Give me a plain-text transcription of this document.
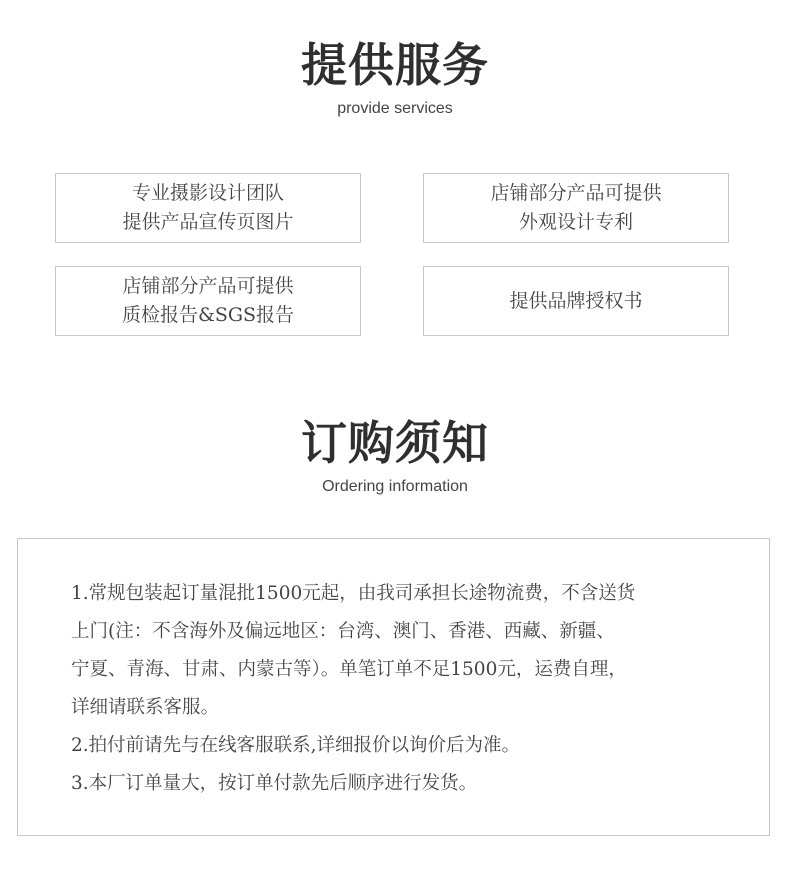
提供服务
provide services
专业摄影设计团队
提供产品宣传页图片
店铺部分产品可提供
外观设计专利
店铺部分产品可提供
质检报告&SGS报告
提供品牌授权书
订购须知
Ordering information

1.常规包装起订量混批1500元起，由我司承担长途物流费，不含送货

上门(注：不含海外及偏远地区：台湾、澳门、香港、西藏、新疆、

宁夏、青海、甘肃、内蒙古等）。单笔订单不足1500元，运费自理，

详细请联系客服。

2.拍付前请先与在线客服联系,详细报价以询价后为准。

3.本厂订单量大，按订单付款先后顺序进行发货。
